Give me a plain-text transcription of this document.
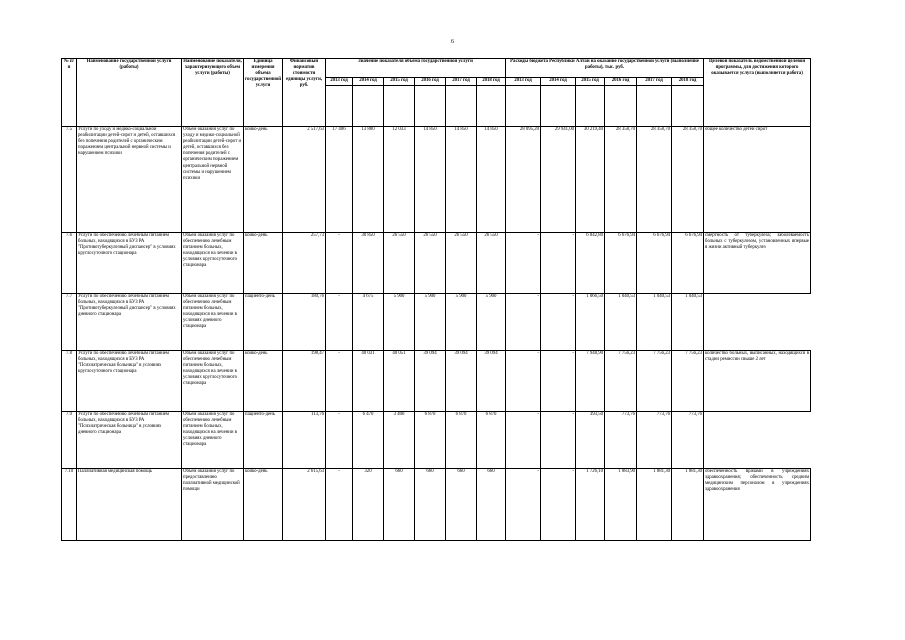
6
№ п/п	Наименование государственной услуги (работы)	Наименование показателя, характеризующего объем услуги (работы)	Единица измерения объема государственной услуги	Финансовый норматив стоимости единицы услуги, руб.	Значение показателя объема государственной услуги						Расходы бюджета Республики Алтай на оказание государственной услуги (выполнение работы), тыс. руб.						Целевой показатель ведомственной целевой программы, для достижения которого оказывается услуга (выполняется работа)
					2013 год	2014 год	2015 год	2016 год	2017 год	2018 год	2013 год	2014 год	2015 год	2016 год	2017 год	2018 год	

7.5	Услуги по уходу и медико-социальной реабилитации детей-сирот и детей, оставшихся без попечения родителей с органическим поражением центральной нервной системы и нарушением психики	Объем оказания услуг по уходу и медико-социальной реабилитации детей-сирот и детей, оставшихся без попечения родителей с органическим поражением центральной нервной системы и нарушением психики	койко-день	2 517,63	17 406	13 880	12 033	14 850	14 850	14 850	28 095,20	29 941,00	30 219,40	28 358,70	28 358,70	28 358,70	общее количество детей сирот
7.6	Услуги по обеспечению лечебным питанием больных, находящихся в БУЗ РА "Противотуберкулезный диспансер" в условиях круглосуточного стационара	Объем оказания услуг по обеспечению лечебным питанием больных, находящихся на лечении в условиях круглосуточного стационара	койко-день	257,73	-	30 850	26 550	26 550	26 550	26 550	-	-	6 842,80	6 676,94	6 676,94	6 676,94	смертность от туберкулеза; заболеваемость больных с туберкулезом, установленных впервые в жизни активный туберкулез
7.7	Услуги по обеспечению лечебным питанием больных, находящихся в БУЗ РА "Противотуберкулезный диспансер" в условиях дневного стационара	Объем оказания услуг по обеспечению лечебным питанием больных, находящихся на лечении в условиях дневного стационара	пациенто-день	180,76	-	4 675	5 900	5 900	5 900	5 900	-	-	1 066,50	1 040,53	1 040,53	1 040,53	
7.8	Услуги по обеспечению лечебным питанием больных, находящихся в БУЗ РА "Психиатрическая больница" в условиях круглосуточного стационара	Объем оказания услуг по обеспечению лечебным питанием больных, находящихся на лечении в условиях круглосуточного стационара	койко-день	198,47	-	40 031	40 051	39 094	39 094	39 094	-	-	7 948,90	7 756,23	7 756,23	7 756,23	количество больных, выписанных, находящихся в стадии ремиссии свыше 2 лет
7.9	Услуги по обеспечению лечебным питанием больных, находящихся в БУЗ РА "Психиатрическая больница" в условиях дневного стационара	Объем оказания услуг по обеспечению лечебным питанием больных, находящихся на лечении в условиях дневного стационара	пациенто-день	113,76	-	6 470	3 400	6 870	6 870	6 870	-	-	393,50	773,76	773,76	773,76	
7.10	Паллиативная медицинская помощь	Объем оказания услуг по предоставлению паллиативной медицинской помощи	койко-день	2 615,63	-	320	660	660	660	660	-	-	1 726,10	1 883,90	1 881,30	1 881,30	обеспеченность врачами в учреждениях здравоохранения; обеспеченность средним медицинским персоналом в учреждениях здравоохранения
